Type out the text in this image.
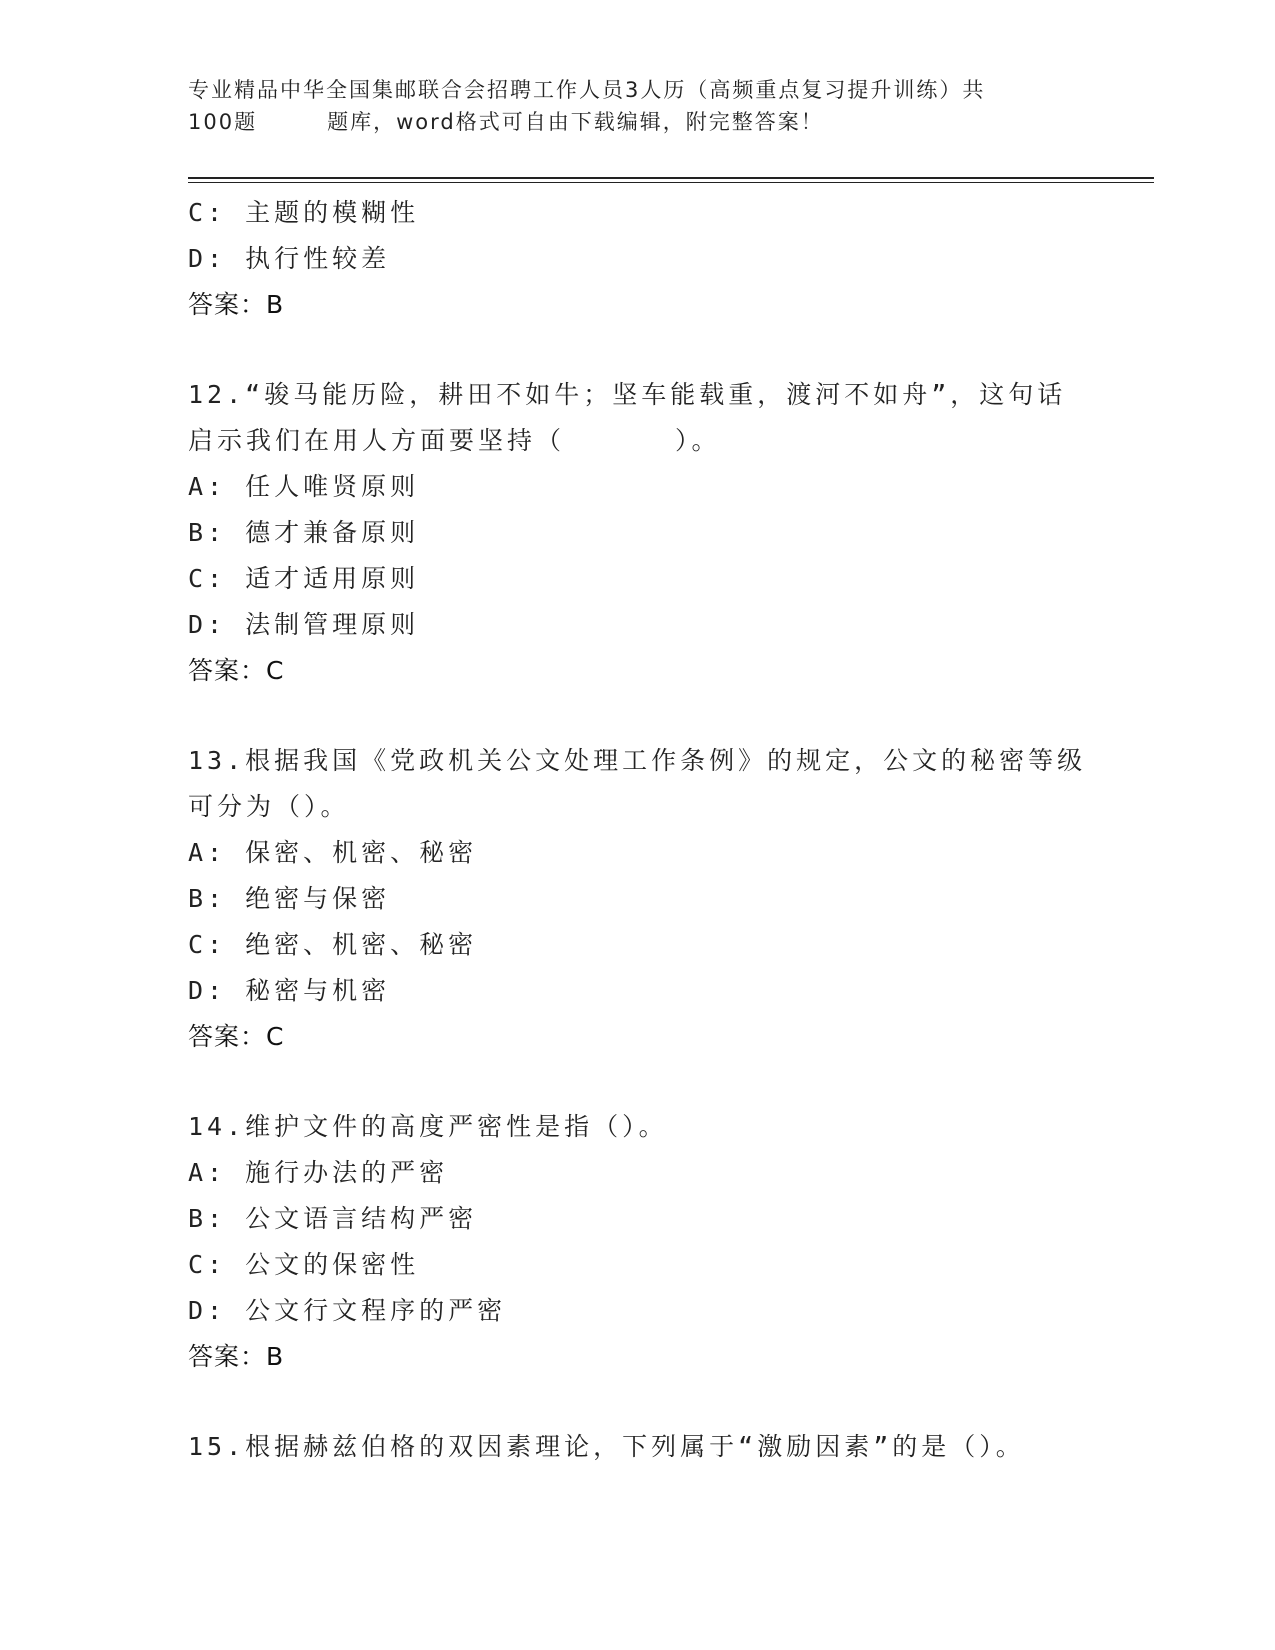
专业精品中华全国集邮联合会招聘工作人员3人历（高频重点复习提升训练）共
100题	题库，word格式可自由下载编辑，附完整答案！
C: 主题的模糊性
D: 执行性较差
答案：B
12.“骏马能历险，耕田不如牛；坚车能载重，渡河不如舟”，这句话
启示我们在用人方面要坚持（	）。
A: 任人唯贤原则
B: 德才兼备原则
C: 适才适用原则
D: 法制管理原则
答案：C
13.根据我国《党政机关公文处理工作条例》的规定，公文的秘密等级
可分为（）。
A: 保密、机密、秘密
B: 绝密与保密
C: 绝密、机密、秘密
D: 秘密与机密
答案：C
14.维护文件的高度严密性是指（）。
A: 施行办法的严密
B: 公文语言结构严密
C: 公文的保密性
D: 公文行文程序的严密
答案：B
15.根据赫兹伯格的双因素理论，下列属于“激励因素”的是（）。
